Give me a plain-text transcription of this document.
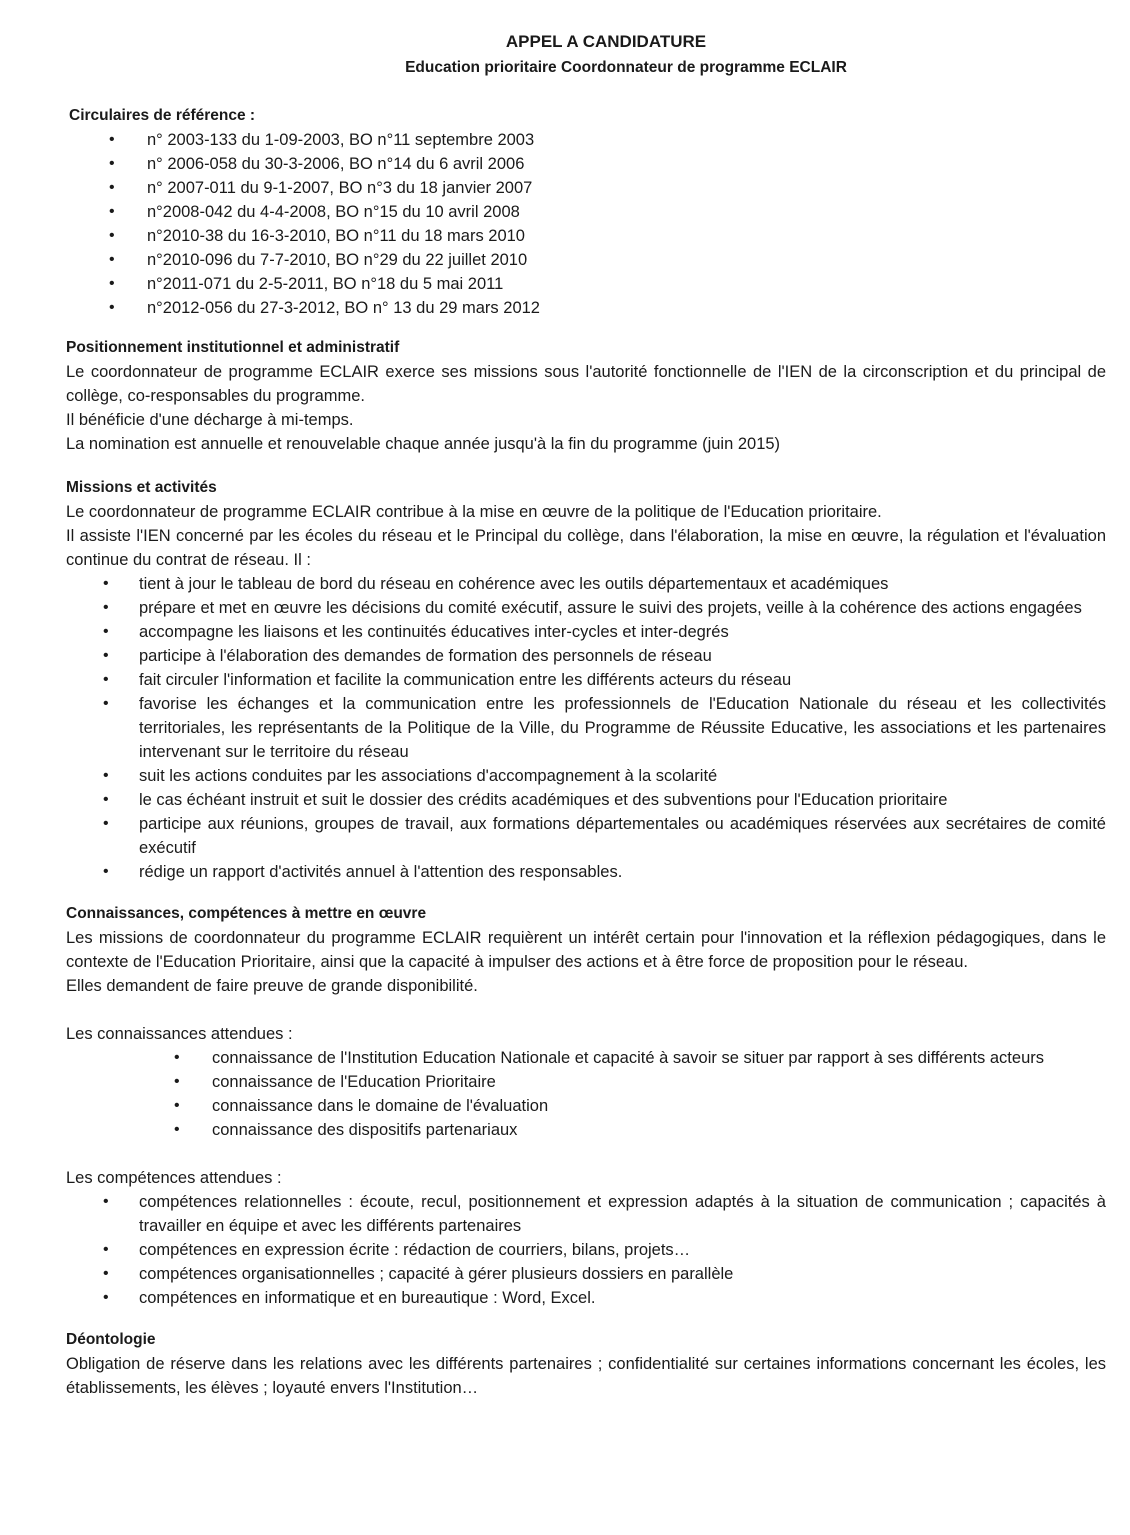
APPEL A CANDIDATURE
Education prioritaire Coordonnateur de programme ECLAIR
Circulaires de référence :
• n° 2003-133 du 1-09-2003, BO n°11 septembre 2003
• n° 2006-058 du 30-3-2006, BO n°14 du 6 avril 2006
• n° 2007-011 du 9-1-2007, BO n°3 du 18 janvier 2007
• n°2008-042 du 4-4-2008, BO n°15 du 10 avril 2008
• n°2010-38 du 16-3-2010, BO n°11 du 18 mars 2010
• n°2010-096 du 7-7-2010, BO n°29 du 22 juillet 2010
• n°2011-071 du 2-5-2011, BO n°18 du 5 mai 2011
• n°2012-056 du 27-3-2012, BO n° 13 du 29 mars 2012
Positionnement institutionnel et administratif

Le coordonnateur de programme ECLAIR exerce ses missions sous l'autorité fonctionnelle de l'IEN de la circonscription et du principal de collège, co-responsables du programme.

Il bénéficie d'une décharge à mi-temps.

La nomination est annuelle et renouvelable chaque année jusqu'à la fin du programme (juin 2015)

Missions et activités

Le coordonnateur de programme ECLAIR contribue à la mise en œuvre de la politique de l'Education prioritaire.

Il assiste l'IEN concerné par les écoles du réseau et le Principal du collège, dans l'élaboration, la mise en œuvre, la régulation et l'évaluation continue du contrat de réseau. Il :

• tient à jour le tableau de bord du réseau en cohérence avec les outils départementaux et académiques
• prépare et met en œuvre les décisions du comité exécutif, assure le suivi des projets, veille à la cohérence des actions engagées
• accompagne les liaisons et les continuités éducatives inter-cycles et inter-degrés
• participe à l'élaboration des demandes de formation des personnels de réseau
• fait circuler l'information et facilite la communication entre les différents acteurs du réseau
• favorise les échanges et la communication entre les professionnels de l'Education Nationale du réseau et les collectivités territoriales, les représentants de la Politique de la Ville, du Programme de Réussite Educative, les associations et les partenaires intervenant sur le territoire du réseau
• suit les actions conduites par les associations d'accompagnement à la scolarité
• le cas échéant instruit et suit le dossier des crédits académiques et des subventions pour l'Education prioritaire
• participe aux réunions, groupes de travail, aux formations départementales ou académiques réservées aux secrétaires de comité exécutif
• rédige un rapport d'activités annuel à l'attention des responsables.
Connaissances, compétences à mettre en œuvre

Les missions de coordonnateur du programme ECLAIR requièrent un intérêt certain pour l'innovation et la réflexion pédagogiques, dans le contexte de l'Education Prioritaire, ainsi que la capacité à impulser des actions et à être force de proposition pour le réseau.

Elles demandent de faire preuve de grande disponibilité.

Les connaissances attendues :

• connaissance de l'Institution Education Nationale et capacité à savoir se situer par rapport à ses différents acteurs
• connaissance de l'Education Prioritaire
• connaissance dans le domaine de l'évaluation
• connaissance des dispositifs partenariaux

Les compétences attendues :

• compétences relationnelles : écoute, recul, positionnement et expression adaptés à la situation de communication ; capacités à travailler en équipe et avec les différents partenaires
• compétences en expression écrite : rédaction de courriers, bilans, projets…
• compétences organisationnelles ; capacité à gérer plusieurs dossiers en parallèle
• compétences en informatique et en bureautique : Word, Excel.
Déontologie

Obligation de réserve dans les relations avec les différents partenaires ; confidentialité sur certaines informations concernant les écoles, les établissements, les élèves ; loyauté envers l'Institution…
